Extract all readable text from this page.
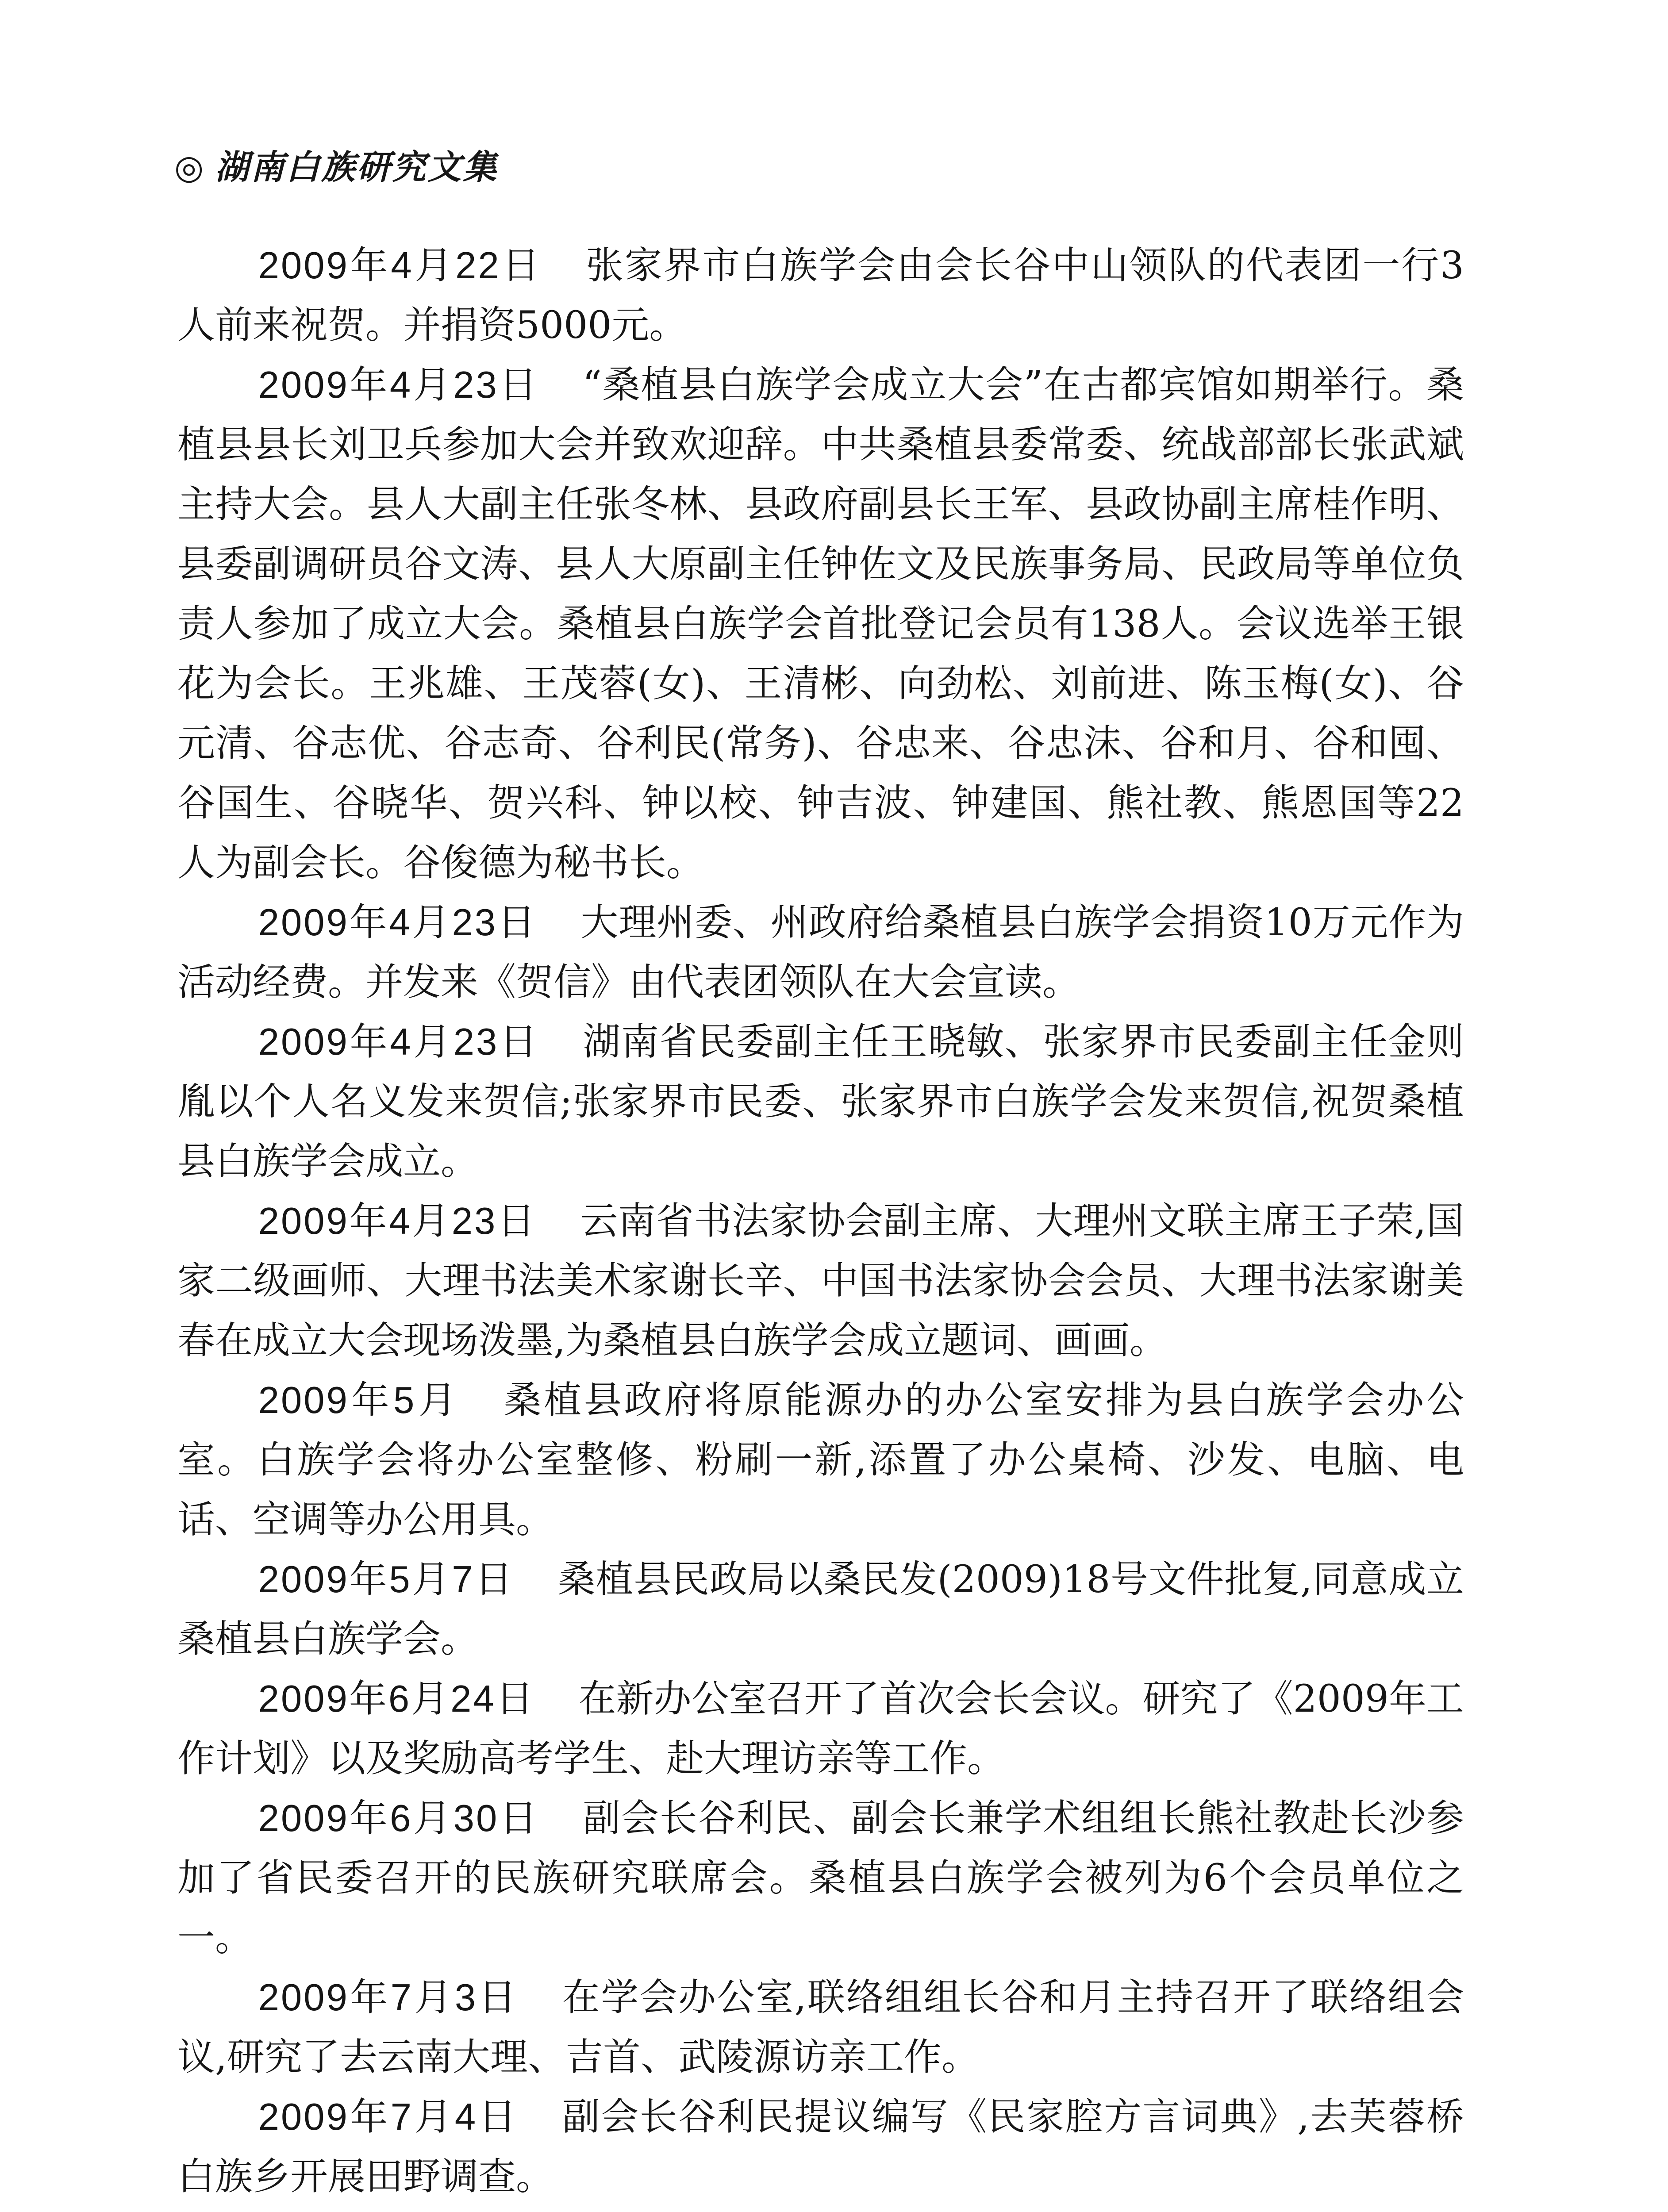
◎ 湖南白族研究文集

2009年4月22日 张家界市白族学会由会长谷中山领队的代表团一行3人前来祝贺。并捐资5000元。

2009年4月23日 “桑植县白族学会成立大会”在古都宾馆如期举行。桑植县县长刘卫兵参加大会并致欢迎辞。中共桑植县委常委、统战部部长张武斌主持大会。县人大副主任张冬林、县政府副县长王军、县政协副主席桂作明、县委副调研员谷文涛、县人大原副主任钟佐文及民族事务局、民政局等单位负责人参加了成立大会。桑植县白族学会首批登记会员有138人。会议选举王银花为会长。王兆雄、王茂蓉(女)、王清彬、向劲松、刘前进、陈玉梅(女)、谷元清、谷志优、谷志奇、谷利民(常务)、谷忠来、谷忠沫、谷和月、谷和囤、谷国生、谷晓华、贺兴科、钟以校、钟吉波、钟建国、熊社教、熊恩国等22人为副会长。谷俊德为秘书长。

2009年4月23日 大理州委、州政府给桑植县白族学会捐资10万元作为活动经费。并发来《贺信》由代表团领队在大会宣读。

2009年4月23日 湖南省民委副主任王晓敏、张家界市民委副主任金则胤以个人名义发来贺信;张家界市民委、张家界市白族学会发来贺信,祝贺桑植县白族学会成立。

2009年4月23日 云南省书法家协会副主席、大理州文联主席王子荣,国家二级画师、大理书法美术家谢长辛、中国书法家协会会员、大理书法家谢美春在成立大会现场泼墨,为桑植县白族学会成立题词、画画。

2009年5月 桑植县政府将原能源办的办公室安排为县白族学会办公室。白族学会将办公室整修、粉刷一新,添置了办公桌椅、沙发、电脑、电话、空调等办公用具。

2009年5月7日 桑植县民政局以桑民发(2009)18号文件批复,同意成立桑植县白族学会。

2009年6月24日 在新办公室召开了首次会长会议。研究了《2009年工作计划》以及奖励高考学生、赴大理访亲等工作。

2009年6月30日 副会长谷利民、副会长兼学术组组长熊社教赴长沙参加了省民委召开的民族研究联席会。桑植县白族学会被列为6个会员单位之一。

2009年7月3日 在学会办公室,联络组组长谷和月主持召开了联络组会议,研究了去云南大理、吉首、武陵源访亲工作。

2009年7月4日 副会长谷利民提议编写《民家腔方言词典》,去芙蓉桥白族乡开展田野调查。
